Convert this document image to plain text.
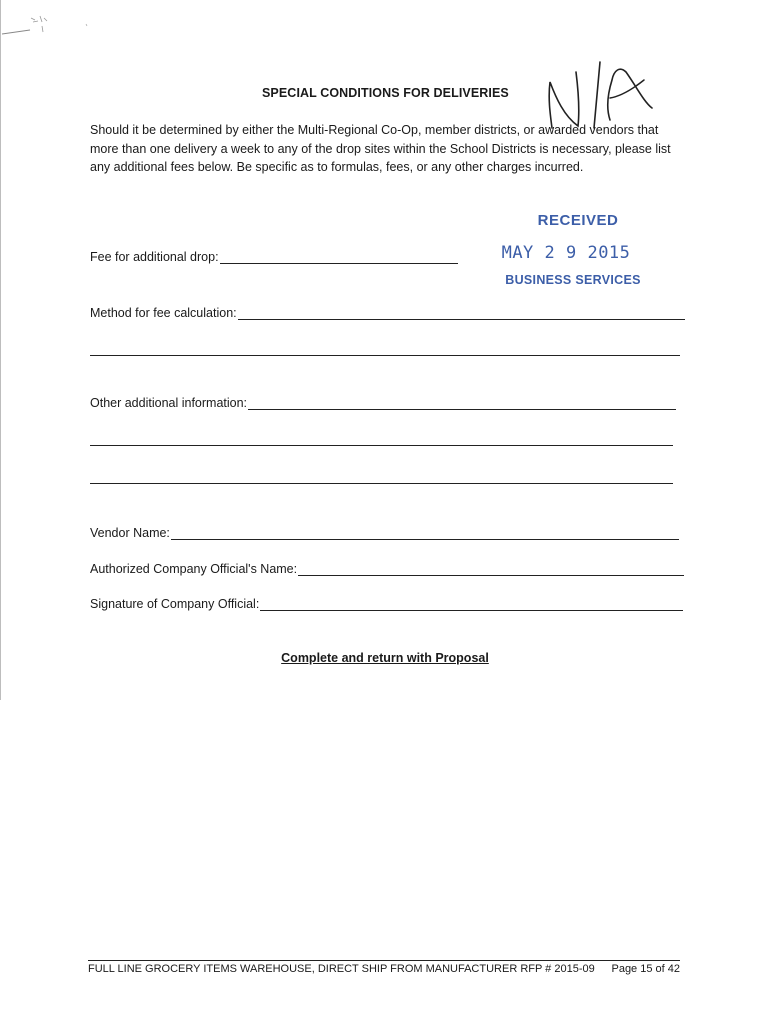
SPECIAL CONDITIONS FOR DELIVERIES
Should it be determined by either the Multi-Regional Co-Op, member districts, or awarded vendors that more than one delivery a week to any of the drop sites within the School Districts is necessary, please list any additional fees below. Be specific as to formulas, fees, or any other charges incurred.
RECEIVED
MAY 2 9 2015
BUSINESS SERVICES
Fee for additional drop:
Method for fee calculation:
Other additional information:
Vendor Name:
Authorized Company Official's Name:
Signature of Company Official:
Complete and return with Proposal
FULL LINE GROCERY ITEMS WAREHOUSE, DIRECT SHIP FROM MANUFACTURER RFP # 2015-09 Page 15 of 42
